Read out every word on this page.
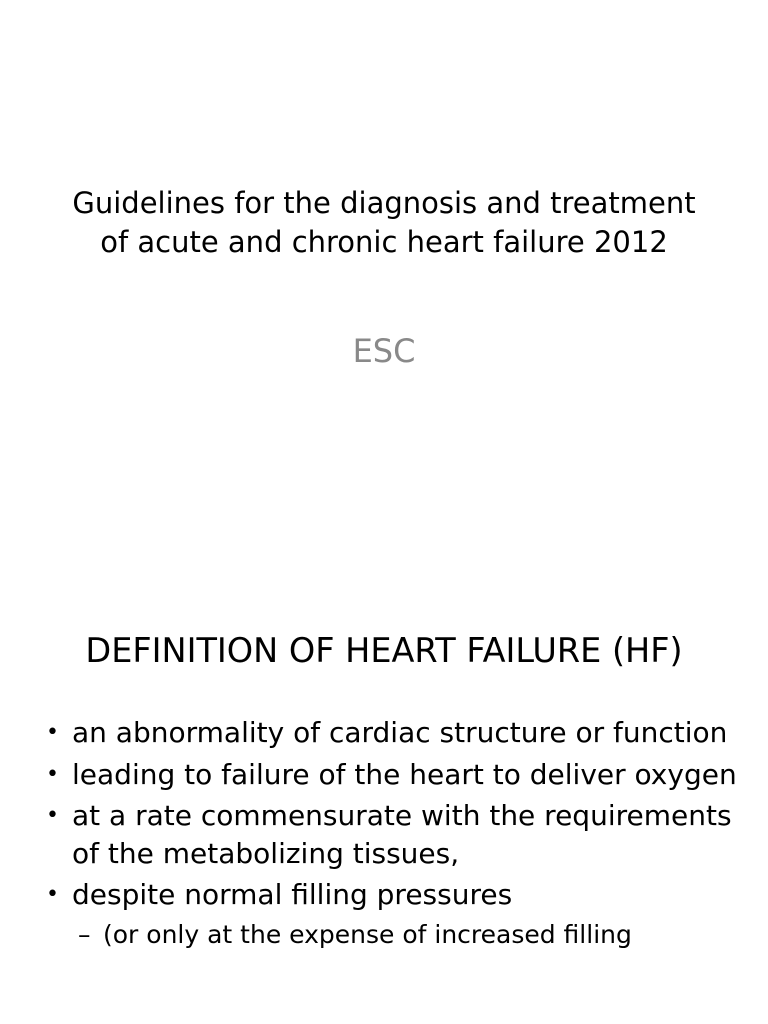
Guidelines for the diagnosis and treatment of acute and chronic heart failure 2012
ESC
DEFINITION OF HEART FAILURE (HF)
• an abnormality of cardiac structure or function
• leading to failure of the heart to deliver oxygen
• at a rate commensurate with the requirements of the metabolizing tissues,
• despite normal filling pressures
– (or only at the expense of increased filling
